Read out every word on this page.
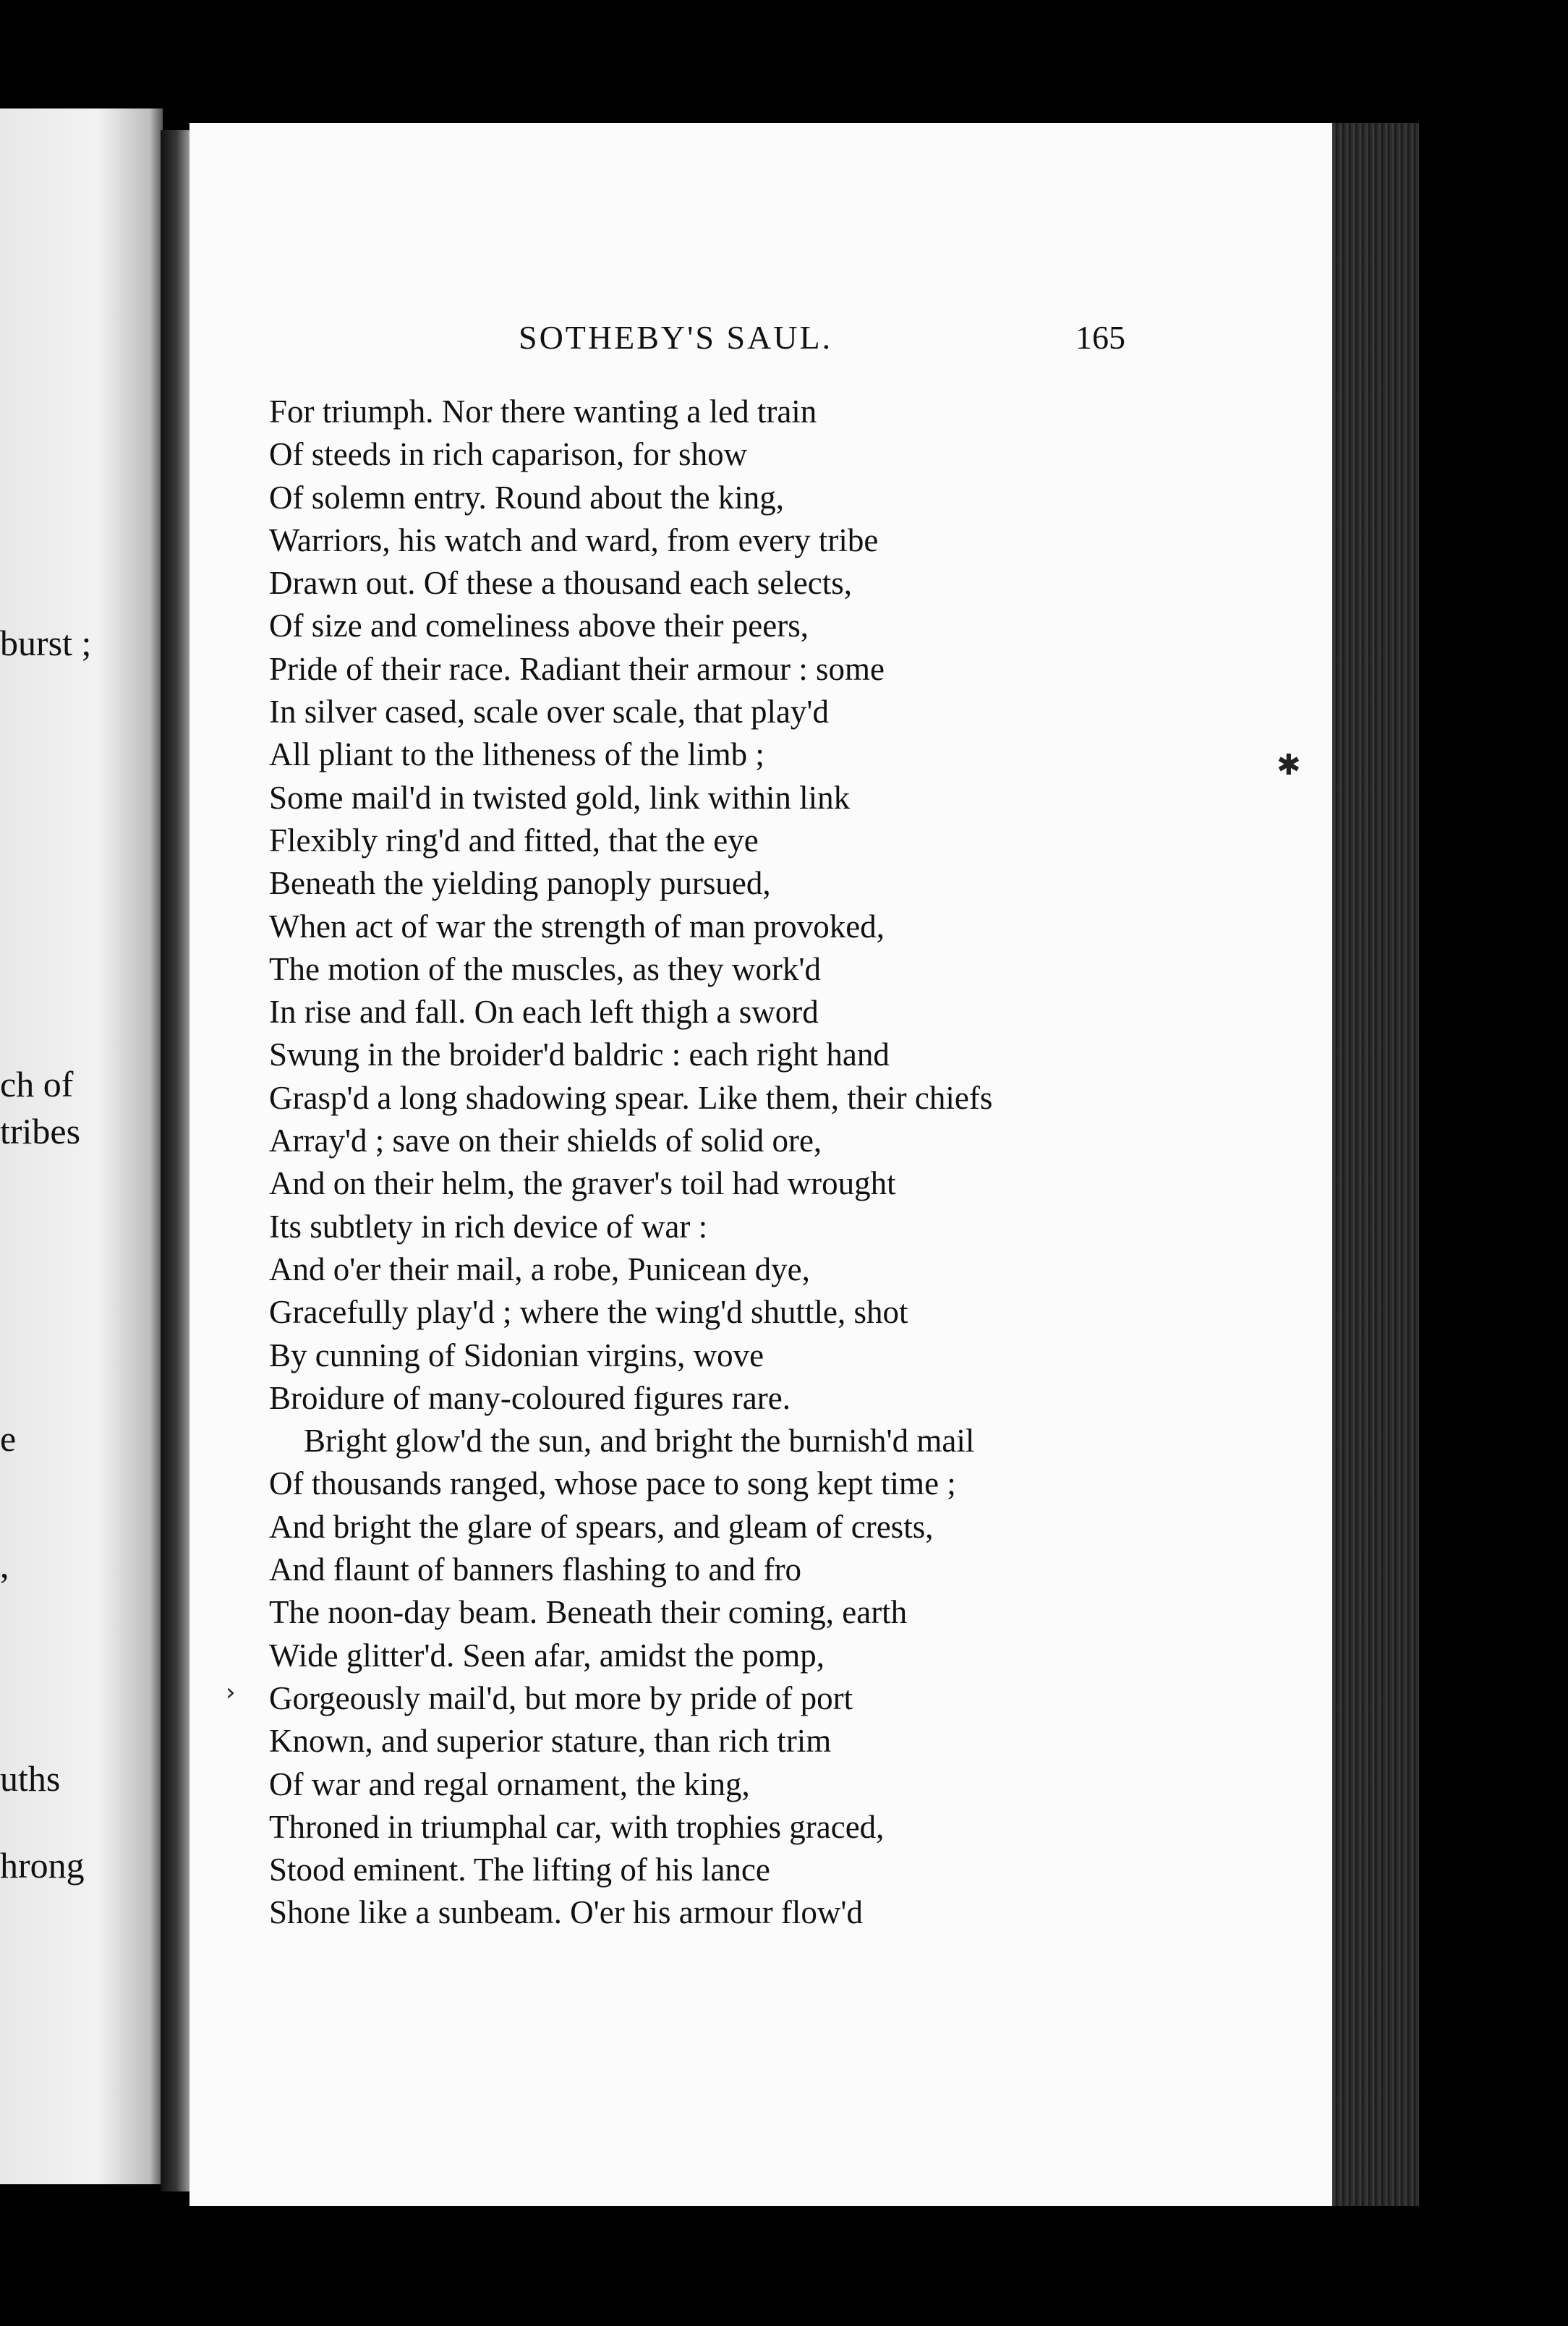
burst ;
ch of
tribes
e
,
uths
hrong
SOTHEBY'S SAUL.	165
For triumph. Nor there wanting a led train
Of steeds in rich caparison, for show
Of solemn entry. Round about the king,
Warriors, his watch and ward, from every tribe
Drawn out. Of these a thousand each selects,
Of size and comeliness above their peers,
Pride of their race. Radiant their armour : some
In silver cased, scale over scale, that play'd
All pliant to the litheness of the limb ;
Some mail'd in twisted gold, link within link
Flexibly ring'd and fitted, that the eye
Beneath the yielding panoply pursued,
When act of war the strength of man provoked,
The motion of the muscles, as they work'd
In rise and fall. On each left thigh a sword
Swung in the broider'd baldric : each right hand
Grasp'd a long shadowing spear. Like them, their chiefs
Array'd ; save on their shields of solid ore,
And on their helm, the graver's toil had wrought
Its subtlety in rich device of war :
And o'er their mail, a robe, Punicean dye,
Gracefully play'd ; where the wing'd shuttle, shot
By cunning of Sidonian virgins, wove
Broidure of many-coloured figures rare.
Bright glow'd the sun, and bright the burnish'd mail
Of thousands ranged, whose pace to song kept time ;
And bright the glare of spears, and gleam of crests,
And flaunt of banners flashing to and fro
The noon-day beam. Beneath their coming, earth
Wide glitter'd. Seen afar, amidst the pomp,
Gorgeously mail'd, but more by pride of port
Known, and superior stature, than rich trim
Of war and regal ornament, the king,
Throned in triumphal car, with trophies graced,
Stood eminent. The lifting of his lance
Shone like a sunbeam. O'er his armour flow'd
✱
›
